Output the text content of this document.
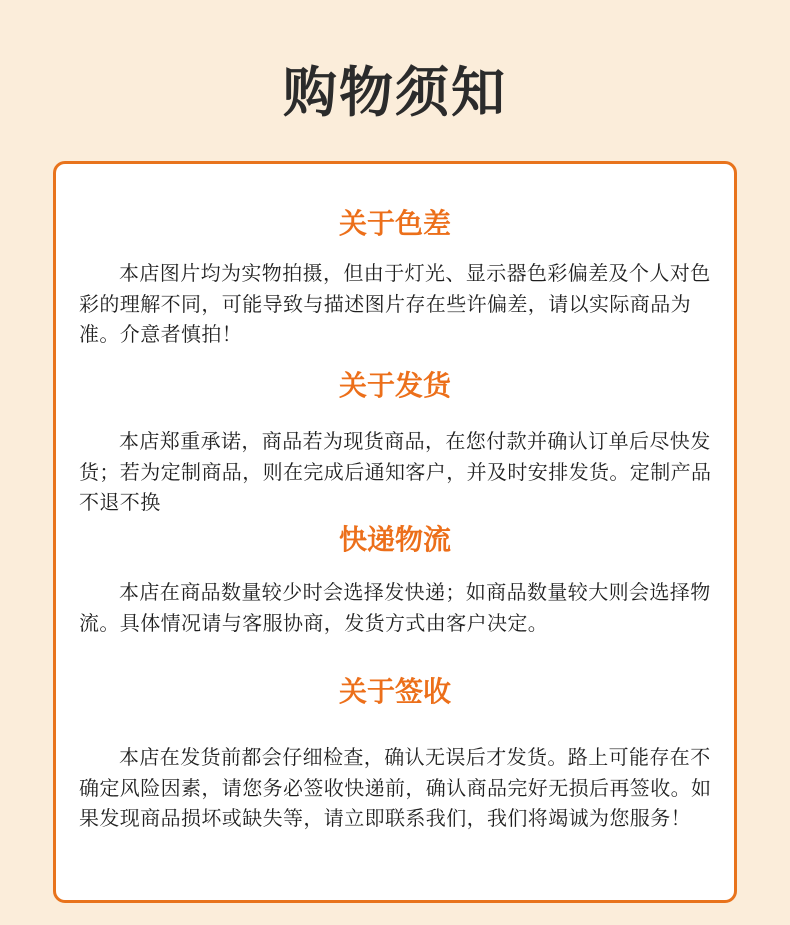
购物须知
关于色差
本店图片均为实物拍摄，但由于灯光、显示器色彩偏差及个人对色彩的理解不同，可能导致与描述图片存在些许偏差，请以实际商品为准。介意者慎拍！
关于发货
本店郑重承诺，商品若为现货商品，在您付款并确认订单后尽快发货；若为定制商品，则在完成后通知客户，并及时安排发货。定制产品不退不换
快递物流
本店在商品数量较少时会选择发快递；如商品数量较大则会选择物流。具体情况请与客服协商，发货方式由客户决定。
关于签收
本店在发货前都会仔细检查，确认无误后才发货。路上可能存在不确定风险因素，请您务必签收快递前，确认商品完好无损后再签收。如果发现商品损坏或缺失等，请立即联系我们，我们将竭诚为您服务！
